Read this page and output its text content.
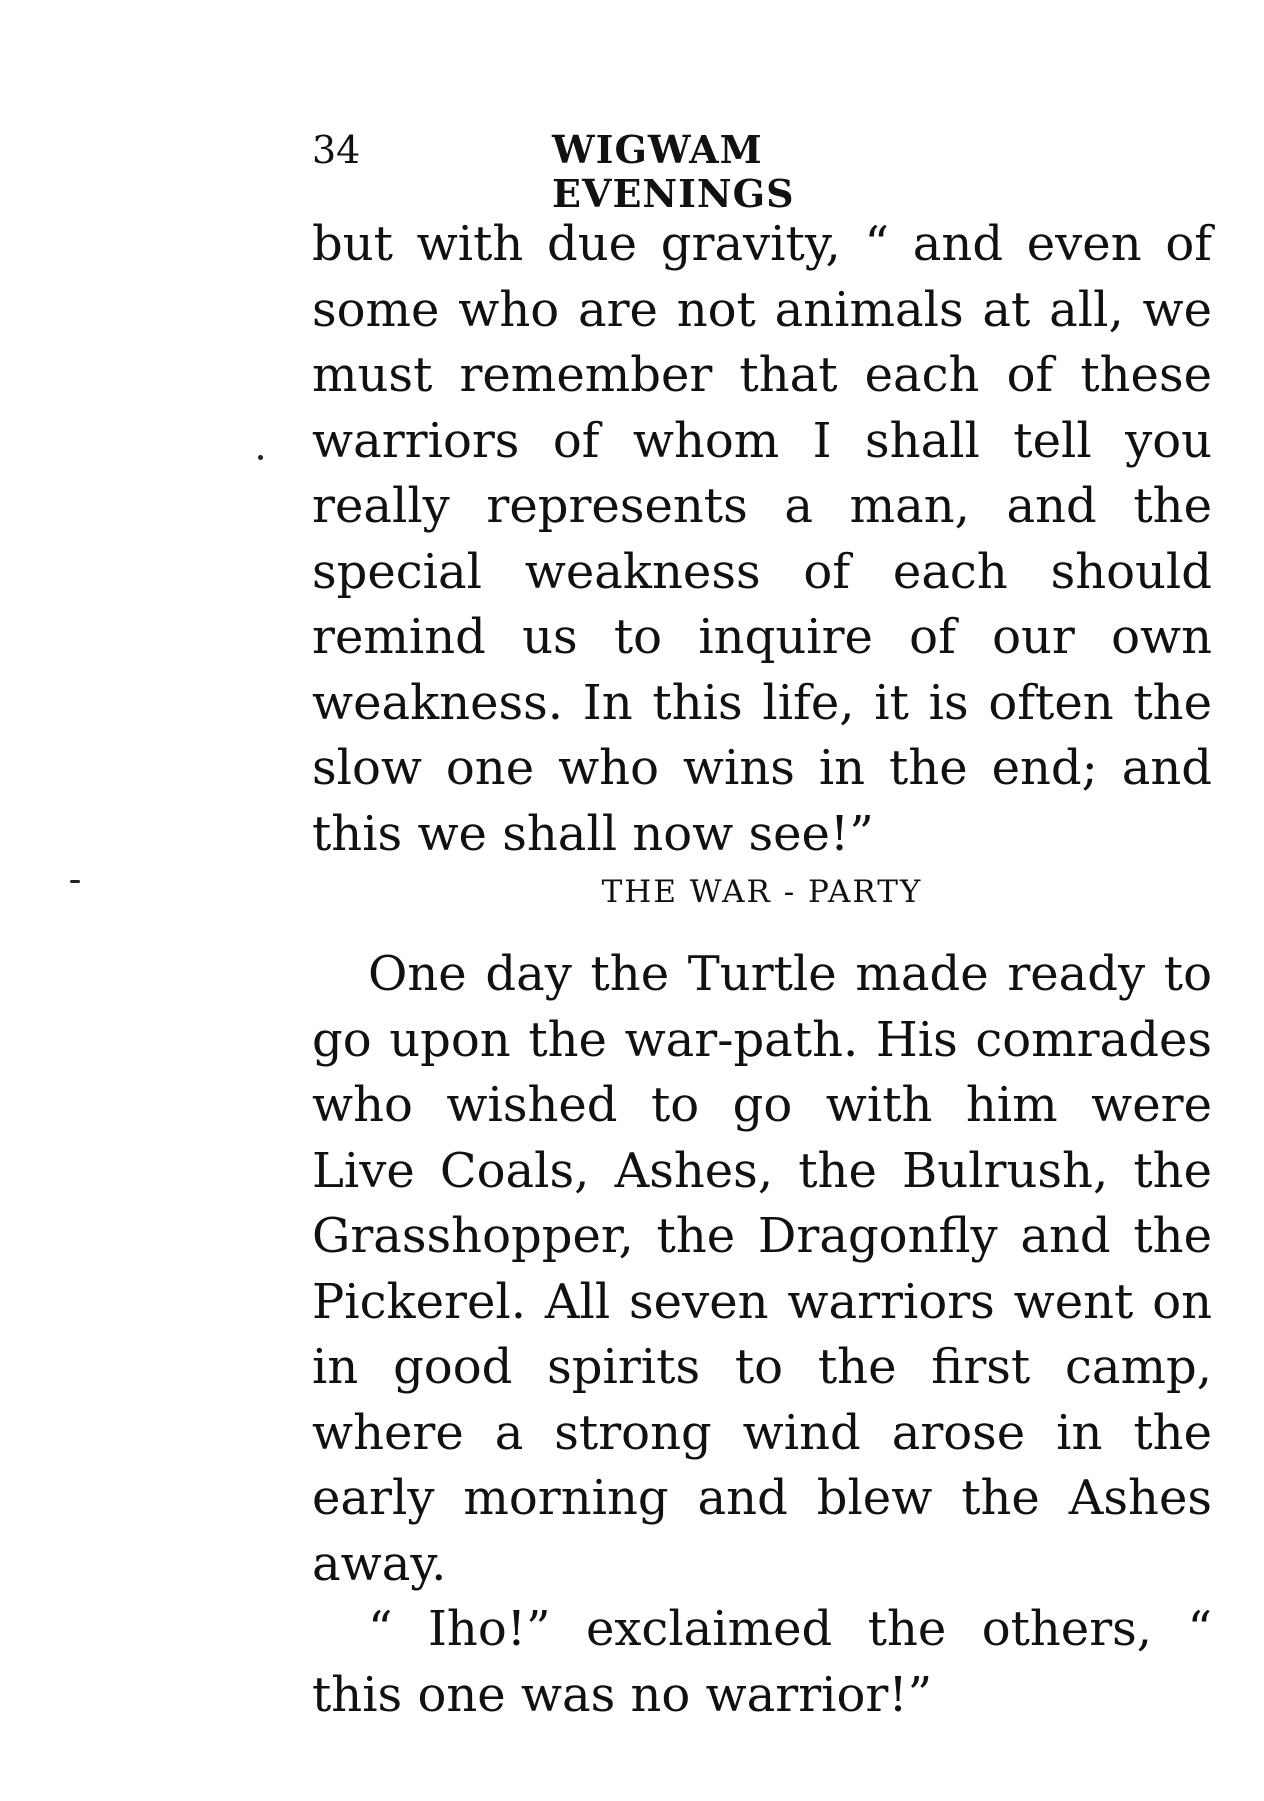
34	WIGWAM EVENINGS

but with due gravity, “ and even of some who are not animals at all, we must remember that each of these warriors of whom I shall tell you really represents a man, and the special weakness of each should remind us to inquire of our own weakness. In this life, it is often the slow one who wins in the end; and this we shall now see!”

THE WAR - PARTY

One day the Turtle made ready to go upon the war-path. His comrades who wished to go with him were Live Coals, Ashes, the Bulrush, the Grasshopper, the Dragonfly and the Pickerel. All seven warriors went on in good spirits to the first camp, where a strong wind arose in the early morning and blew the Ashes away.

“ Iho!” exclaimed the others, “ this one was no warrior!”
